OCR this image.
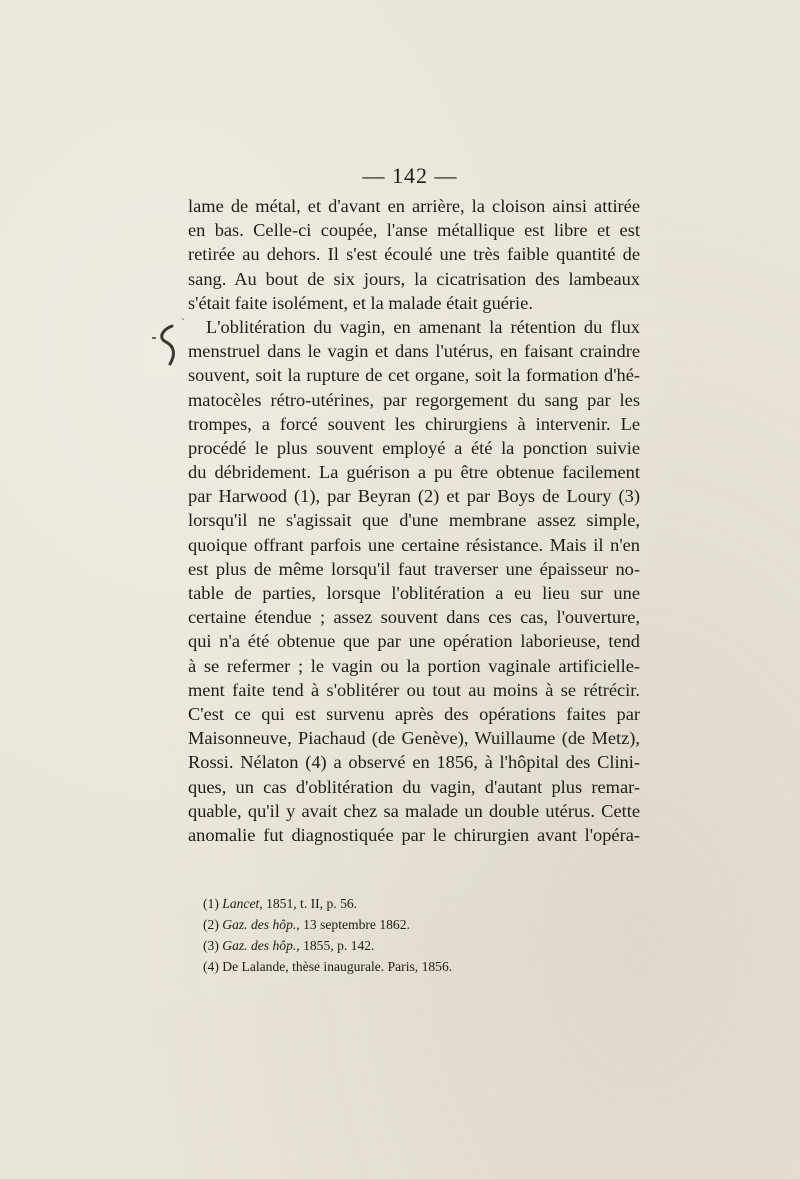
— 142 —
lame de métal, et d'avant en arrière, la cloison ainsi attirée
en bas. Celle-ci coupée, l'anse métallique est libre et est
retirée au dehors. Il s'est écoulé une très faible quantité de
sang. Au bout de six jours, la cicatrisation des lambeaux
s'était faite isolément, et la malade était guérie.
L'oblitération du vagin, en amenant la rétention du flux
menstruel dans le vagin et dans l'utérus, en faisant craindre
souvent, soit la rupture de cet organe, soit la formation d'hé-
matocèles rétro-utérines, par regorgement du sang par les
trompes, a forcé souvent les chirurgiens à intervenir. Le
procédé le plus souvent employé a été la ponction suivie
du débridement. La guérison a pu être obtenue facilement
par Harwood (1), par Beyran (2) et par Boys de Loury (3)
lorsqu'il ne s'agissait que d'une membrane assez simple,
quoique offrant parfois une certaine résistance. Mais il n'en
est plus de même lorsqu'il faut traverser une épaisseur no-
table de parties, lorsque l'oblitération a eu lieu sur une
certaine étendue ; assez souvent dans ces cas, l'ouverture,
qui n'a été obtenue que par une opération laborieuse, tend
à se refermer ; le vagin ou la portion vaginale artificielle-
ment faite tend à s'oblitérer ou tout au moins à se rétrécir.
C'est ce qui est survenu après des opérations faites par
Maisonneuve, Piachaud (de Genève), Wuillaume (de Metz),
Rossi. Nélaton (4) a observé en 1856, à l'hôpital des Clini-
ques, un cas d'oblitération du vagin, d'autant plus remar-
quable, qu'il y avait chez sa malade un double utérus. Cette
anomalie fut diagnostiquée par le chirurgien avant l'opéra-
(1) Lancet, 1851, t. II, p. 56.
(2) Gaz. des hôp., 13 septembre 1862.
(3) Gaz. des hôp., 1855, p. 142.
(4) De Lalande, thèse inaugurale. Paris, 1856.
